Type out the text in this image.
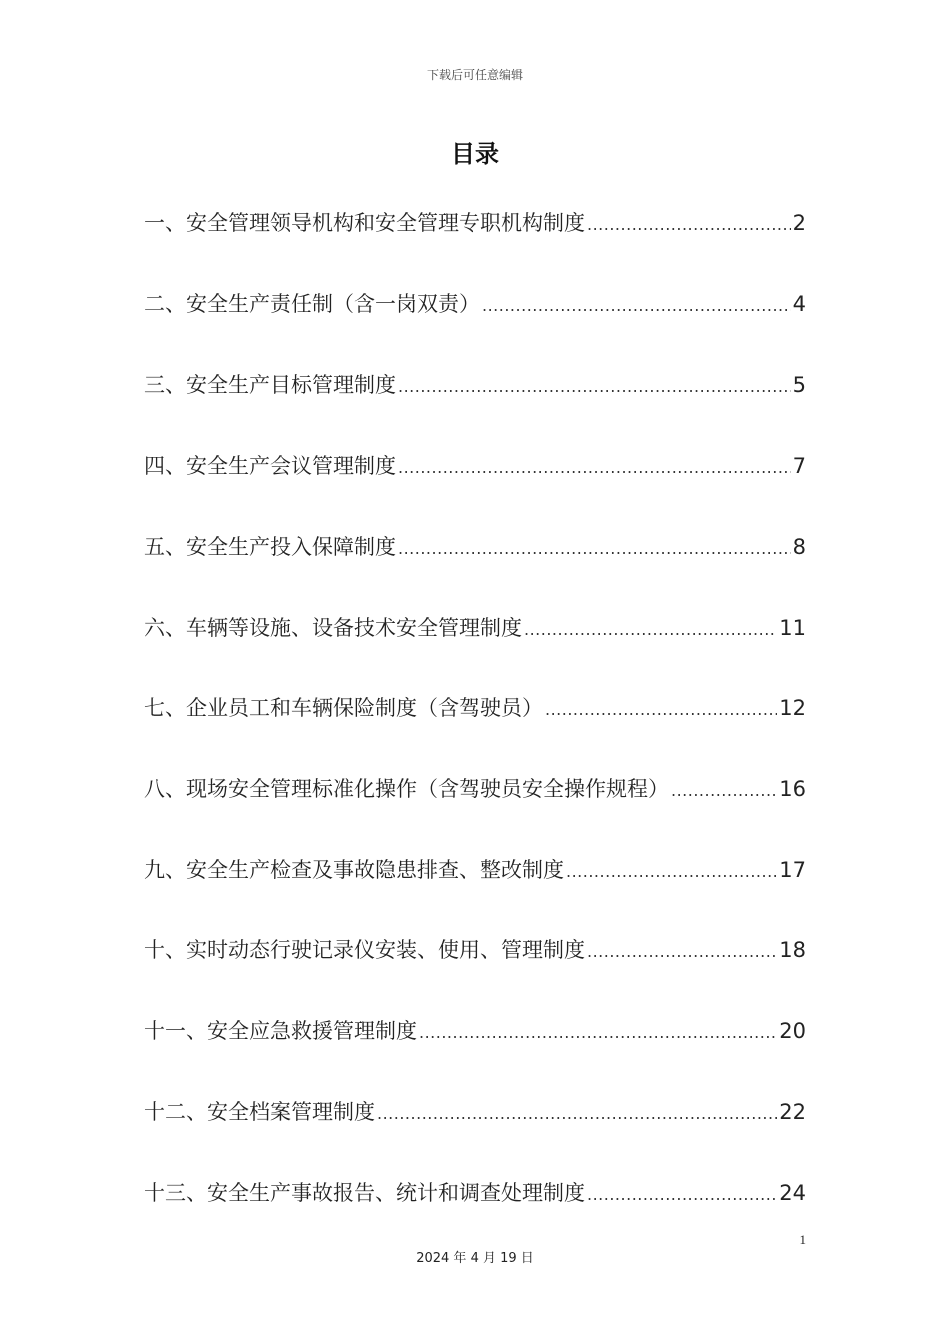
下载后可任意编辑
目录
一、安全管理领导机构和安全管理专职机构制度 .....	2
二、安全生产责任制（含一岗双责） .....	4
三、安全生产目标管理制度 .....	5
四、安全生产会议管理制度 .....	7
五、安全生产投入保障制度 .....	8
六、车辆等设施、设备技术安全管理制度 .....	11
七、企业员工和车辆保险制度（含驾驶员） .....	12
八、现场安全管理标准化操作（含驾驶员安全操作规程） .....	16
九、安全生产检查及事故隐患排查、整改制度 .....	17
十、实时动态行驶记录仪安装、使用、管理制度 .....	18
十一、安全应急救援管理制度 .....	20
十二、安全档案管理制度 .....	22
十三、安全生产事故报告、统计和调查处理制度 .....	24
1
2024 年 4 月 19 日
